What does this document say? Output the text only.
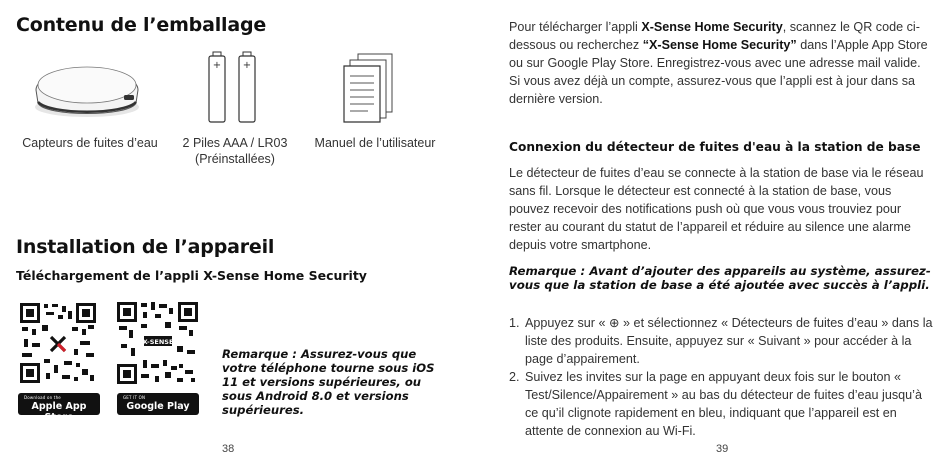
Contenu de l’emballage
+ +
Capteurs de fuites d’eau	2 Piles AAA / LR03
(Préinstallées)
Manuel de l’utilisateur
Installation de l’appareil
Téléchargement de l’appli X-Sense Home Security
Download on the
Apple App Store
X-SENSE
GET IT ON
Google Play
Remarque : Assurez-vous que votre téléphone tourne sous iOS 11 et versions supérieures, ou sous Android 8.0 et versions supérieures.
38
Pour télécharger l’appli X-Sense Home Security, scannez le QR code ci-dessous ou recherchez “X-Sense Home Security” dans l’Apple App Store ou sur Google Play Store. Enregistrez-vous avec une adresse mail valide. Si vous avez déjà un compte, assurez-vous que l’appli est à jour dans sa dernière version.
Connexion du détecteur de fuites d'eau à la station de base
Le détecteur de fuites d’eau se connecte à la station de base via le réseau sans fil. Lorsque le détecteur est connecté à la station de base, vous pouvez recevoir des notifications push où que vous vous trouviez pour rester au courant du statut de l’appareil et réduire au silence une alarme depuis votre smartphone.
Remarque : Avant d’ajouter des appareils au système, assurez-vous que la station de base a été ajoutée avec succès à l’appli.
1. Appuyez sur « ⊕ » et sélectionnez « Détecteurs de fuites d’eau » dans la liste des produits. Ensuite, appuyez sur « Suivant » pour accéder à la page d’appairement.
2. Suivez les invites sur la page en appuyant deux fois sur le bouton « Test/Silence/Appairement » au bas du détecteur de fuites d’eau jusqu’à ce qu’il clignote rapidement en bleu, indiquant que l’appareil est en attente de connexion au Wi-Fi.
39
